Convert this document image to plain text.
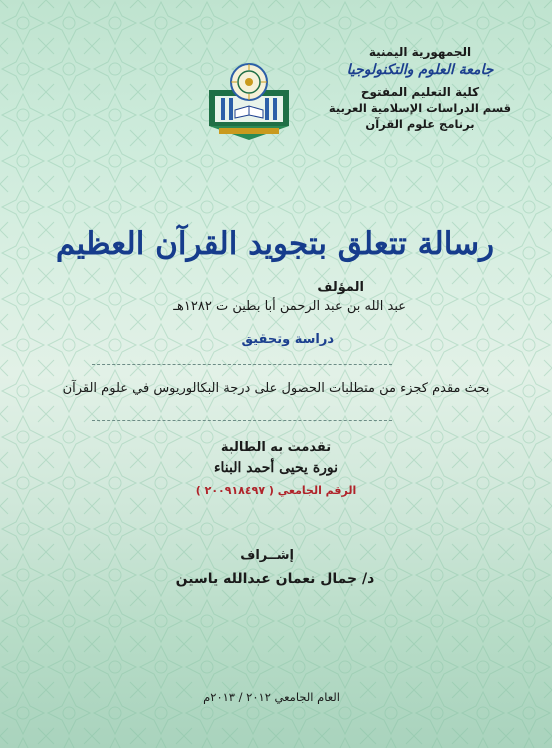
الجمهورية اليمنية
جامعة العلوم والتكنولوجيا
كلية التعليم المفتوح
قسم الدراسات الإسلامية العربية
برنامج علوم القرآن
رسالة تتعلق بتجويد القرآن العظيم
المؤلف
عبد الله بن عبد الرحمن أبا بطين ت ١٢٨٢هـ
دراسة وتحقيق
بحث مقدم كجزء من متطلبات الحصول على درجة البكالوريوس في علوم القرآن
تقدمت به الطالبة
نورة يحيى أحمد البناء
الرقم الجامعي ( ٢٠٠٩١٨٤٩٧ )
إشــراف
د/ جمال نعمان عبدالله ياسين
العام الجامعي ٢٠١٢ / ٢٠١٣م
